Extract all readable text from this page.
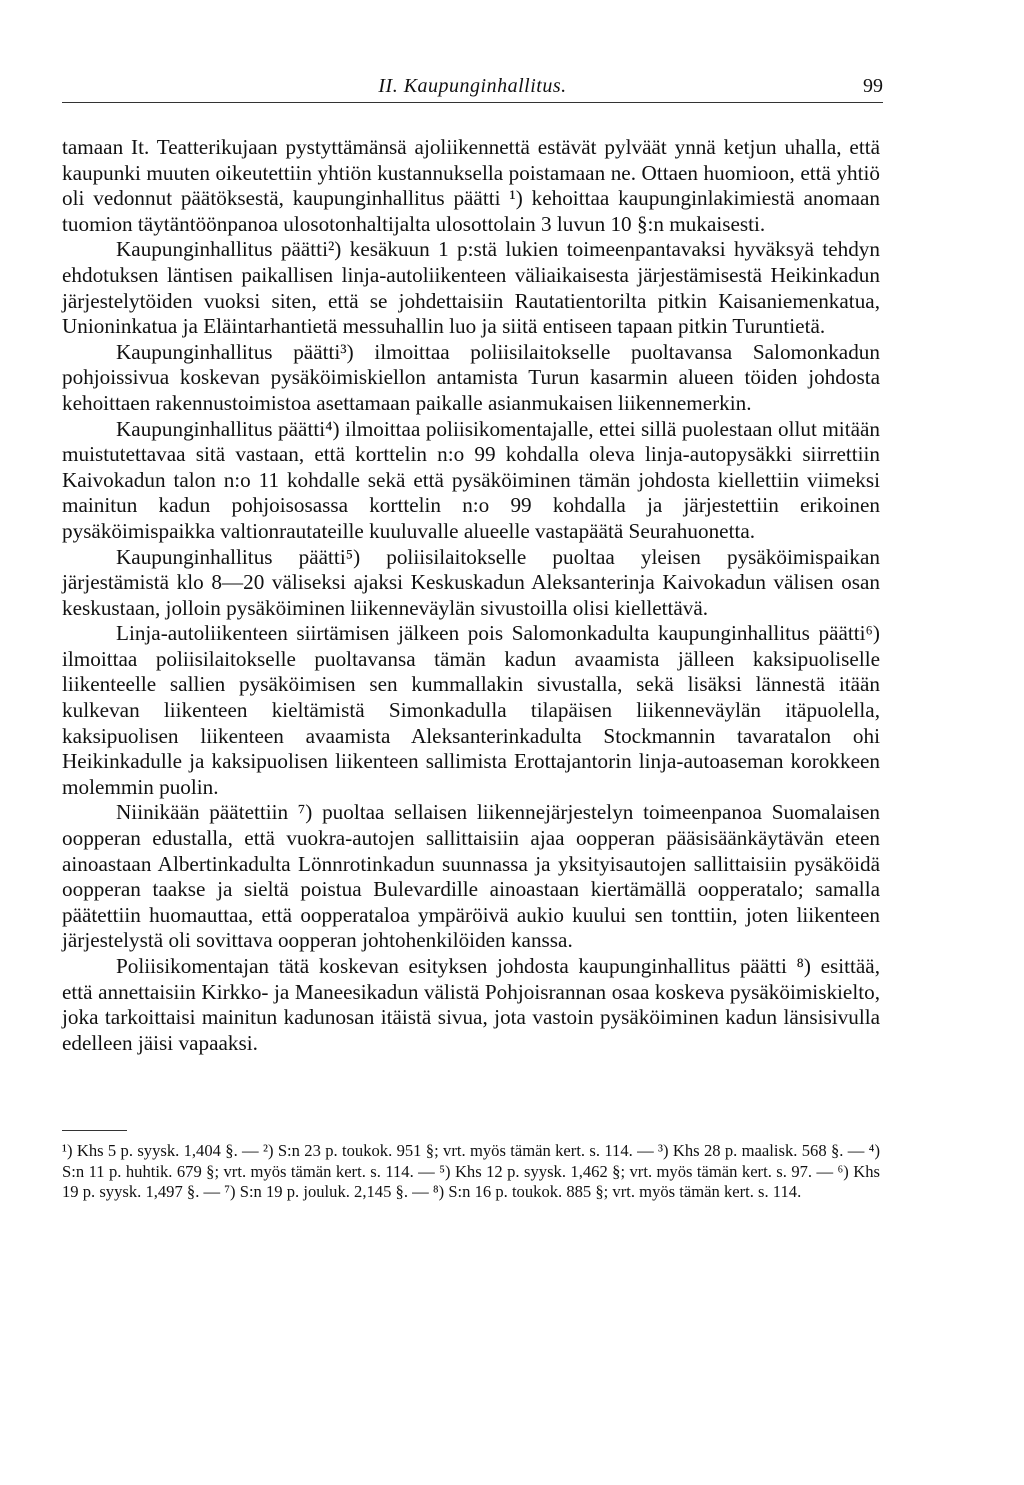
II. Kaupunginhallitus.	99

tamaan It. Teatterikujaan pystyttämänsä ajoliikennettä estävät pylväät ynnä ketjun uhalla, että kaupunki muuten oikeutettiin yhtiön kustannuksella poistamaan ne. Ottaen huomioon, että yhtiö oli vedonnut päätöksestä, kaupunginhallitus päätti ¹) kehoittaa kaupunginlakimiestä anomaan tuomion täytäntöönpanoa ulosotonhaltijalta ulosottolain 3 luvun 10 §:n mukaisesti.

Kaupunginhallitus päätti²) kesäkuun 1 p:stä lukien toimeenpantavaksi hyväksyä tehdyn ehdotuksen läntisen paikallisen linja-autoliikenteen väliaikaisesta järjestämisestä Heikinkadun järjestelytöiden vuoksi siten, että se johdettaisiin Rautatientorilta pitkin Kaisaniemenkatua, Unioninkatua ja Eläintarhantietä messuhallin luo ja siitä entiseen tapaan pitkin Turuntietä.

Kaupunginhallitus päätti³) ilmoittaa poliisilaitokselle puoltavansa Salomonkadun pohjoissivua koskevan pysäköimiskiellon antamista Turun kasarmin alueen töiden johdosta kehoittaen rakennustoimistoa asettamaan paikalle asianmukaisen liikennemerkin.

Kaupunginhallitus päätti⁴) ilmoittaa poliisikomentajalle, ettei sillä puolestaan ollut mitään muistutettavaa sitä vastaan, että korttelin n:o 99 kohdalla oleva linja-autopysäkki siirrettiin Kaivokadun talon n:o 11 kohdalle sekä että pysäköiminen tämän johdosta kiellettiin viimeksi mainitun kadun pohjoisosassa korttelin n:o 99 kohdalla ja järjestettiin erikoinen pysäköimispaikka valtionrautateille kuuluvalle alueelle vastapäätä Seurahuonetta.

Kaupunginhallitus päätti⁵) poliisilaitokselle puoltaa yleisen pysäköimispaikan järjestämistä klo 8—20 väliseksi ajaksi Keskuskadun Aleksanterinja Kaivokadun välisen osan keskustaan, jolloin pysäköiminen liikenneväylän sivustoilla olisi kiellettävä.

Linja-autoliikenteen siirtämisen jälkeen pois Salomonkadulta kaupunginhallitus päätti⁶) ilmoittaa poliisilaitokselle puoltavansa tämän kadun avaamista jälleen kaksipuoliselle liikenteelle sallien pysäköimisen sen kummallakin sivustalla, sekä lisäksi lännestä itään kulkevan liikenteen kieltämistä Simonkadulla tilapäisen liikenneväylän itäpuolella, kaksipuolisen liikenteen avaamista Aleksanterinkadulta Stockmannin tavaratalon ohi Heikinkadulle ja kaksipuolisen liikenteen sallimista Erottajantorin linja-autoaseman korokkeen molemmin puolin.

Niinikään päätettiin ⁷) puoltaa sellaisen liikennejärjestelyn toimeenpanoa Suomalaisen oopperan edustalla, että vuokra-autojen sallittaisiin ajaa oopperan pääsisäänkäytävän eteen ainoastaan Albertinkadulta Lönnrotinkadun suunnassa ja yksityisautojen sallittaisiin pysäköidä oopperan taakse ja sieltä poistua Bulevardille ainoastaan kiertämällä oopperatalo; samalla päätettiin huomauttaa, että oopperataloa ympäröivä aukio kuului sen tonttiin, joten liikenteen järjestelystä oli sovittava oopperan johtohenkilöiden kanssa.

Poliisikomentajan tätä koskevan esityksen johdosta kaupunginhallitus päätti ⁸) esittää, että annettaisiin Kirkko- ja Maneesikadun välistä Pohjoisrannan osaa koskeva pysäköimiskielto, joka tarkoittaisi mainitun kadunosan itäistä sivua, jota vastoin pysäköiminen kadun länsisivulla edelleen jäisi vapaaksi.

¹) Khs 5 p. syysk. 1,404 §. — ²) S:n 23 p. toukok. 951 §; vrt. myös tämän kert. s. 114. — ³) Khs 28 p. maalisk. 568 §. — ⁴) S:n 11 p. huhtik. 679 §; vrt. myös tämän kert. s. 114. — ⁵) Khs 12 p. syysk. 1,462 §; vrt. myös tämän kert. s. 97. — ⁶) Khs 19 p. syysk. 1,497 §. — ⁷) S:n 19 p. jouluk. 2,145 §. — ⁸) S:n 16 p. toukok. 885 §; vrt. myös tämän kert. s. 114.
